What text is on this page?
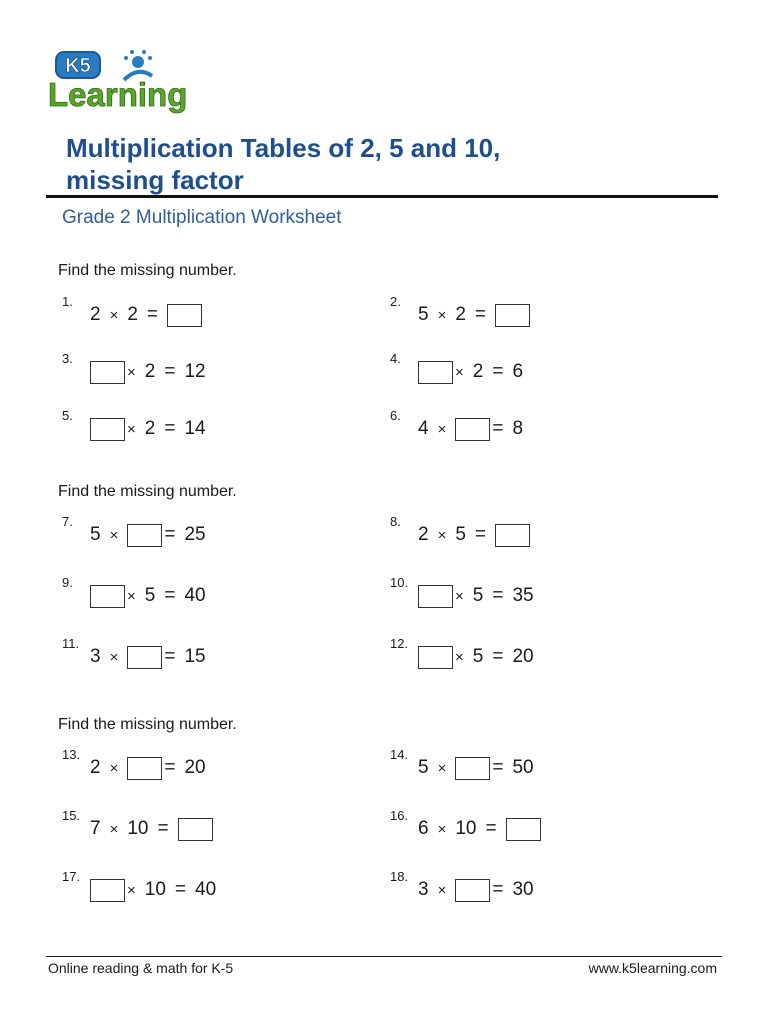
K5
Learning
Multiplication Tables of 2, 5 and 10,
missing factor
Grade 2 Multiplication Worksheet
Find the missing number.
1.
2 × 2 =
2.
5 × 2 =
3.
× 2 = 12
4.
× 2 = 6
5.
× 2 = 14
6.
4 × = 8
Find the missing number.
7.
5 × = 25
8.
2 × 5 =
9.
× 5 = 40
10.
× 5 = 35
11.
3 × = 15
12.
× 5 = 20
Find the missing number.
13.
2 × = 20
14.
5 × = 50
15.
7 × 10 =
16.
6 × 10 =
17.
× 10 = 40
18.
3 × = 30
Online reading & math for K-5	www.k5learning.com
